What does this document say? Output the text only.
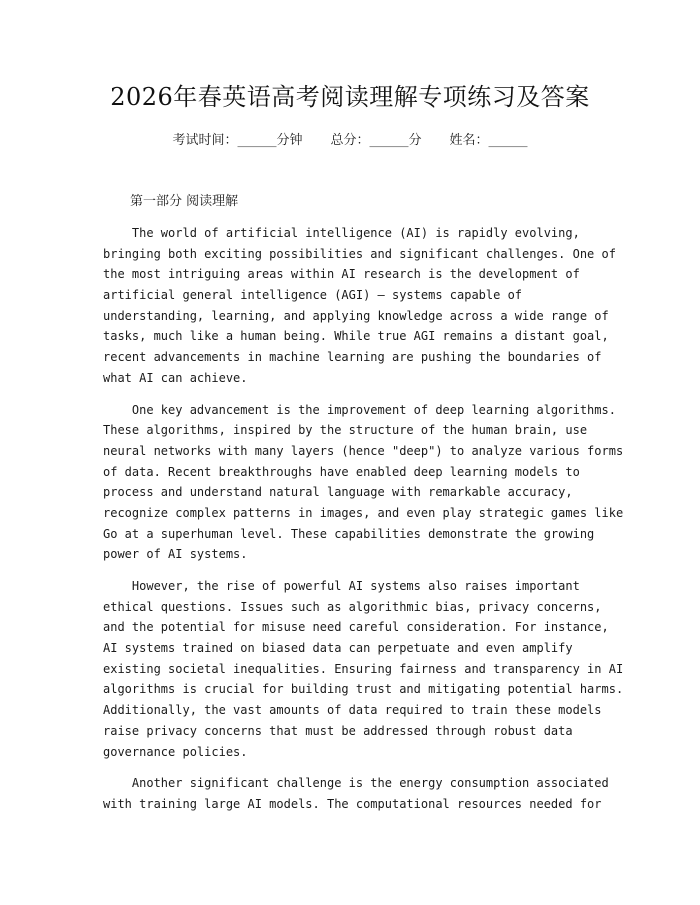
2026年春英语高考阅读理解专项练习及答案
考试时间：______分钟 总分：______分 姓名：______
第一部分 阅读理解
The world of artificial intelligence (AI) is rapidly evolving,
bringing both exciting possibilities and significant challenges. One of
the most intriguing areas within AI research is the development of
artificial general intelligence (AGI) – systems capable of
understanding, learning, and applying knowledge across a wide range of
tasks, much like a human being. While true AGI remains a distant goal,
recent advancements in machine learning are pushing the boundaries of
what AI can achieve.
One key advancement is the improvement of deep learning algorithms.
These algorithms, inspired by the structure of the human brain, use
neural networks with many layers (hence "deep") to analyze various forms
of data. Recent breakthroughs have enabled deep learning models to
process and understand natural language with remarkable accuracy,
recognize complex patterns in images, and even play strategic games like
Go at a superhuman level. These capabilities demonstrate the growing
power of AI systems.
However, the rise of powerful AI systems also raises important
ethical questions. Issues such as algorithmic bias, privacy concerns,
and the potential for misuse need careful consideration. For instance,
AI systems trained on biased data can perpetuate and even amplify
existing societal inequalities. Ensuring fairness and transparency in AI
algorithms is crucial for building trust and mitigating potential harms.
Additionally, the vast amounts of data required to train these models
raise privacy concerns that must be addressed through robust data
governance policies.
Another significant challenge is the energy consumption associated
with training large AI models. The computational resources needed for
